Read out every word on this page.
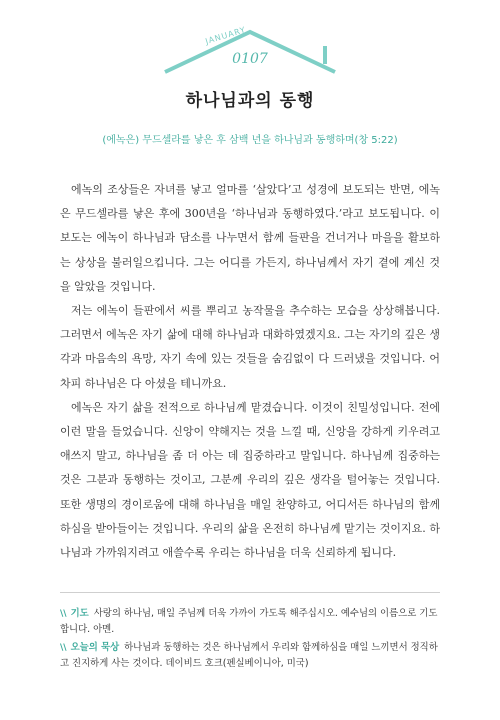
JANUARY
0107
하나님과의 동행
(에녹은) 무드셀라를 낳은 후 삼백 년을 하나님과 동행하며(창 5:22)

에녹의 조상들은 자녀를 낳고 얼마를 ‘살았다’고 성경에 보도되는 반면, 에녹은 무드셀라를 낳은 후에 300년을 ‘하나님과 동행하였다.’라고 보도됩니다. 이 보도는 에녹이 하나님과 담소를 나누면서 함께 들판을 건너거나 마을을 활보하는 상상을 불러일으킵니다. 그는 어디를 가든지, 하나님께서 자기 곁에 계신 것을 알았을 것입니다.

저는 에녹이 들판에서 씨를 뿌리고 농작물을 추수하는 모습을 상상해봅니다. 그러면서 에녹은 자기 삶에 대해 하나님과 대화하였겠지요. 그는 자기의 깊은 생각과 마음속의 욕망, 자기 속에 있는 것들을 숨김없이 다 드러냈을 것입니다. 어차피 하나님은 다 아셨을 테니까요.

에녹은 자기 삶을 전적으로 하나님께 맡겼습니다. 이것이 친밀성입니다. 전에 이런 말을 들었습니다. 신앙이 약해지는 것을 느낄 때, 신앙을 강하게 키우려고 애쓰지 말고, 하나님을 좀 더 아는 데 집중하라고 말입니다. 하나님께 집중하는 것은 그분과 동행하는 것이고, 그분께 우리의 깊은 생각을 털어놓는 것입니다. 또한 생명의 경이로움에 대해 하나님을 매일 찬양하고, 어디서든 하나님의 함께하심을 받아들이는 것입니다. 우리의 삶을 온전히 하나님께 맡기는 것이지요. 하나님과 가까워지려고 애쓸수록 우리는 하나님을 더욱 신뢰하게 됩니다.

\\ 기도 사랑의 하나님, 매일 주님께 더욱 가까이 가도록 해주십시오. 예수님의 이름으로 기도합니다. 아멘.

\\ 오늘의 묵상 하나님과 동행하는 것은 하나님께서 우리와 함께하심을 매일 느끼면서 정직하고 진지하게 사는 것이다. 데이비드 호크(펜실베이니아, 미국)
